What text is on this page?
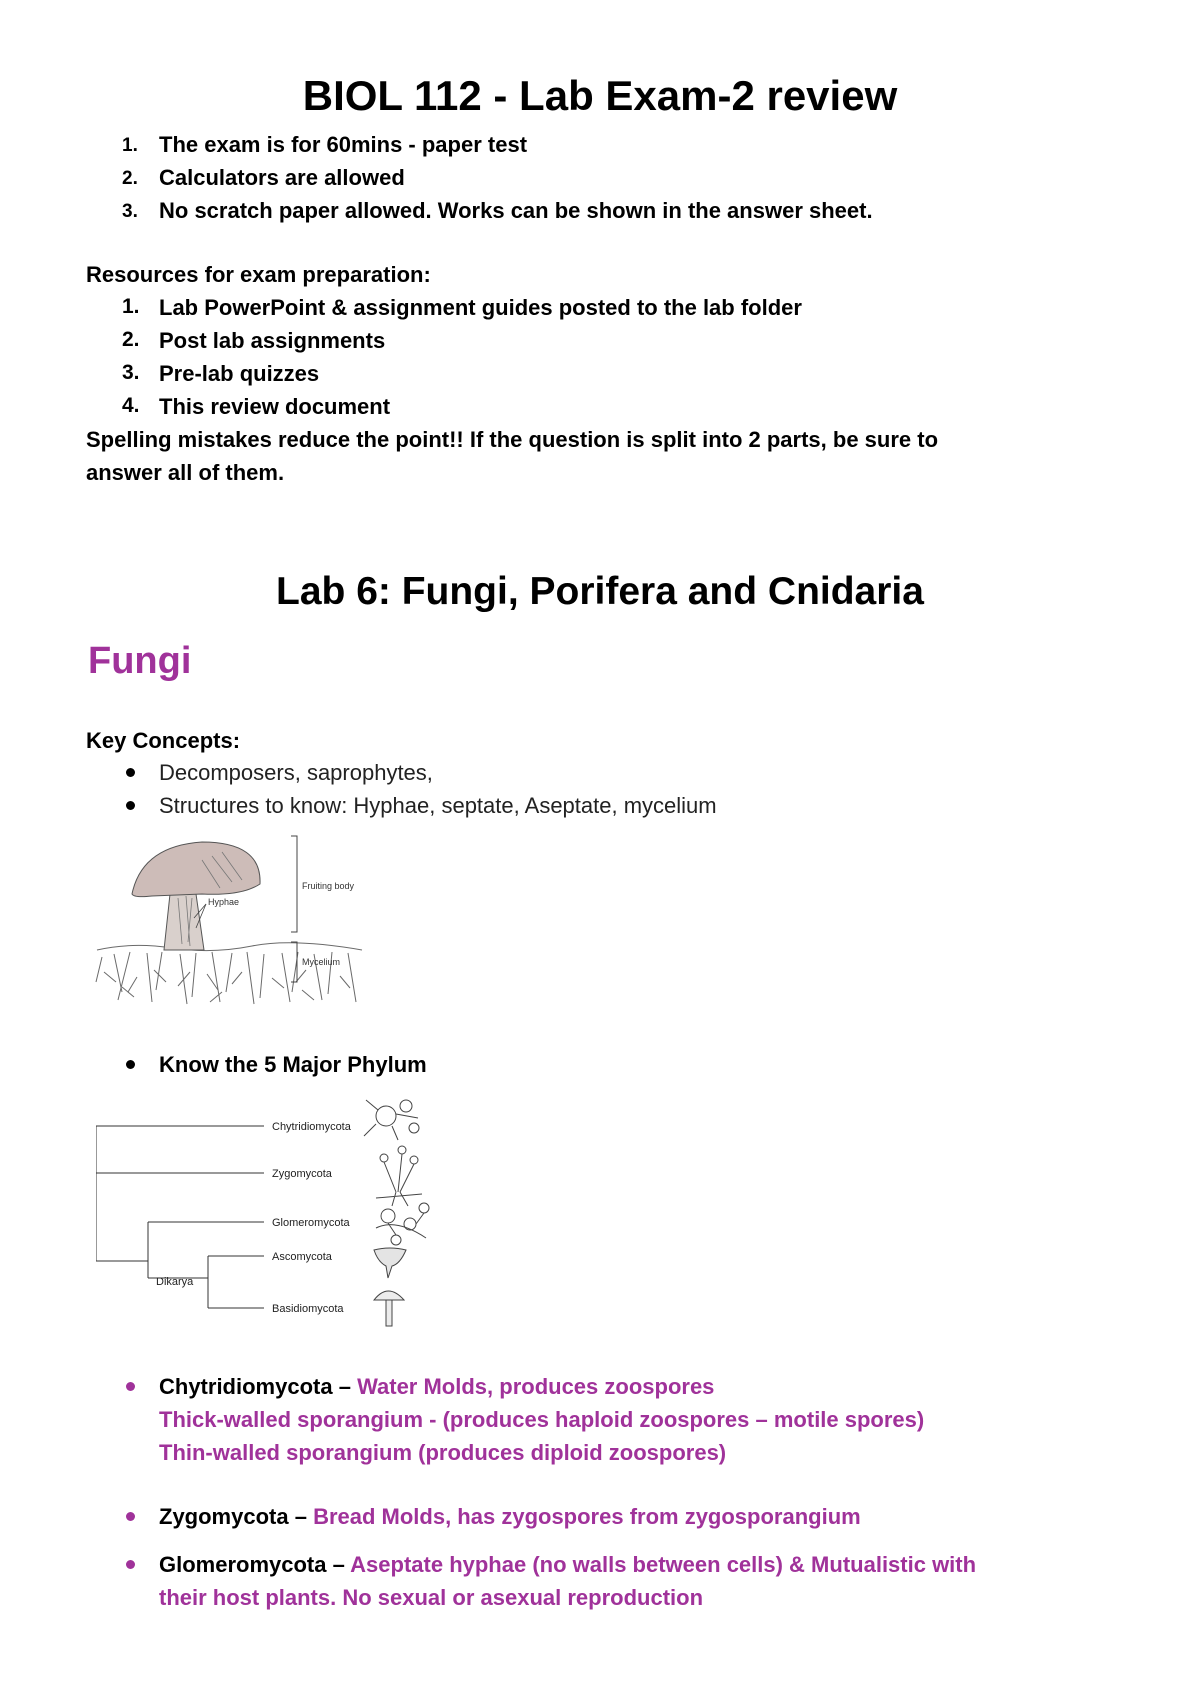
BIOL 112 - Lab Exam-2 review
1. The exam is for 60mins - paper test
2. Calculators are allowed
3. No scratch paper allowed. Works can be shown in the answer sheet.
Resources for exam preparation:
1. Lab PowerPoint & assignment guides posted to the lab folder
2. Post lab assignments
3. Pre-lab quizzes
4. This review document
Spelling mistakes reduce the point!! If the question is split into 2 parts, be sure to
answer all of them.
Lab 6: Fungi, Porifera and Cnidaria
Fungi
Key Concepts:
Decomposers, saprophytes,
Structures to know: Hyphae, septate, Aseptate, mycelium
Hyphae
Fruiting body
Mycelium
Know the 5 Major Phylum
Chytridiomycota
Zygomycota
Glomeromycota
Ascomycota
Basidiomycota
Dikarya
Chytridiomycota – Water Molds, produces zoospores
Thick-walled sporangium - (produces haploid zoospores – motile spores)
Thin-walled sporangium (produces diploid zoospores)
Zygomycota – Bread Molds, has zygospores from zygosporangium
Glomeromycota – Aseptate hyphae (no walls between cells) & Mutualistic with
their host plants. No sexual or asexual reproduction
